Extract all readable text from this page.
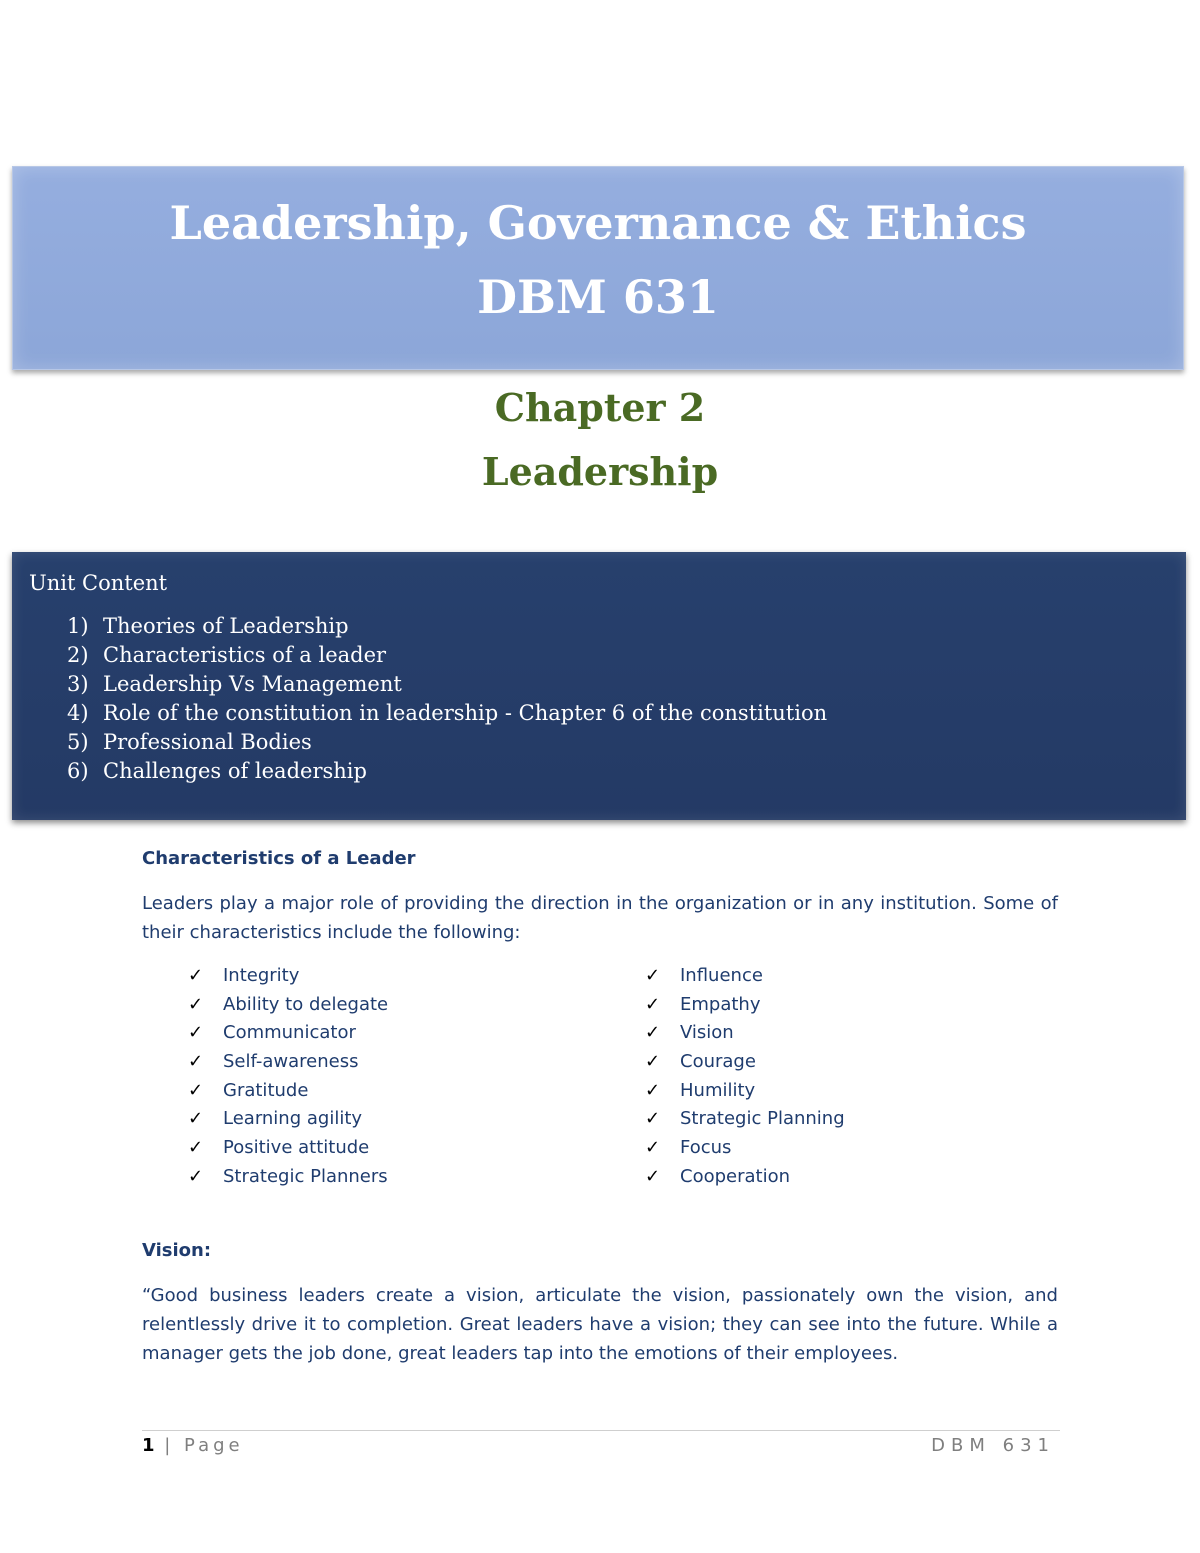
Leadership, Governance & Ethics
DBM 631
Chapter 2
Leadership
Unit Content
1) Theories of Leadership
2) Characteristics of a leader
3) Leadership Vs Management
4) Role of the constitution in leadership - Chapter 6 of the constitution
5) Professional Bodies
6) Challenges of leadership
Characteristics of a Leader
Leaders play a major role of providing the direction in the organization or in any institution. Some of their characteristics include the following:
✓ Integrity
✓ Ability to delegate
✓ Communicator
✓ Self-awareness
✓ Gratitude
✓ Learning agility
✓ Positive attitude
✓ Strategic Planners
✓ Influence
✓ Empathy
✓ Vision
✓ Courage
✓ Humility
✓ Strategic Planning
✓ Focus
✓ Cooperation
Vision:
“Good business leaders create a vision, articulate the vision, passionately own the vision, and relentlessly drive it to completion. Great leaders have a vision; they can see into the future. While a manager gets the job done, great leaders tap into the emotions of their employees.
1 | Page	DBM 631
